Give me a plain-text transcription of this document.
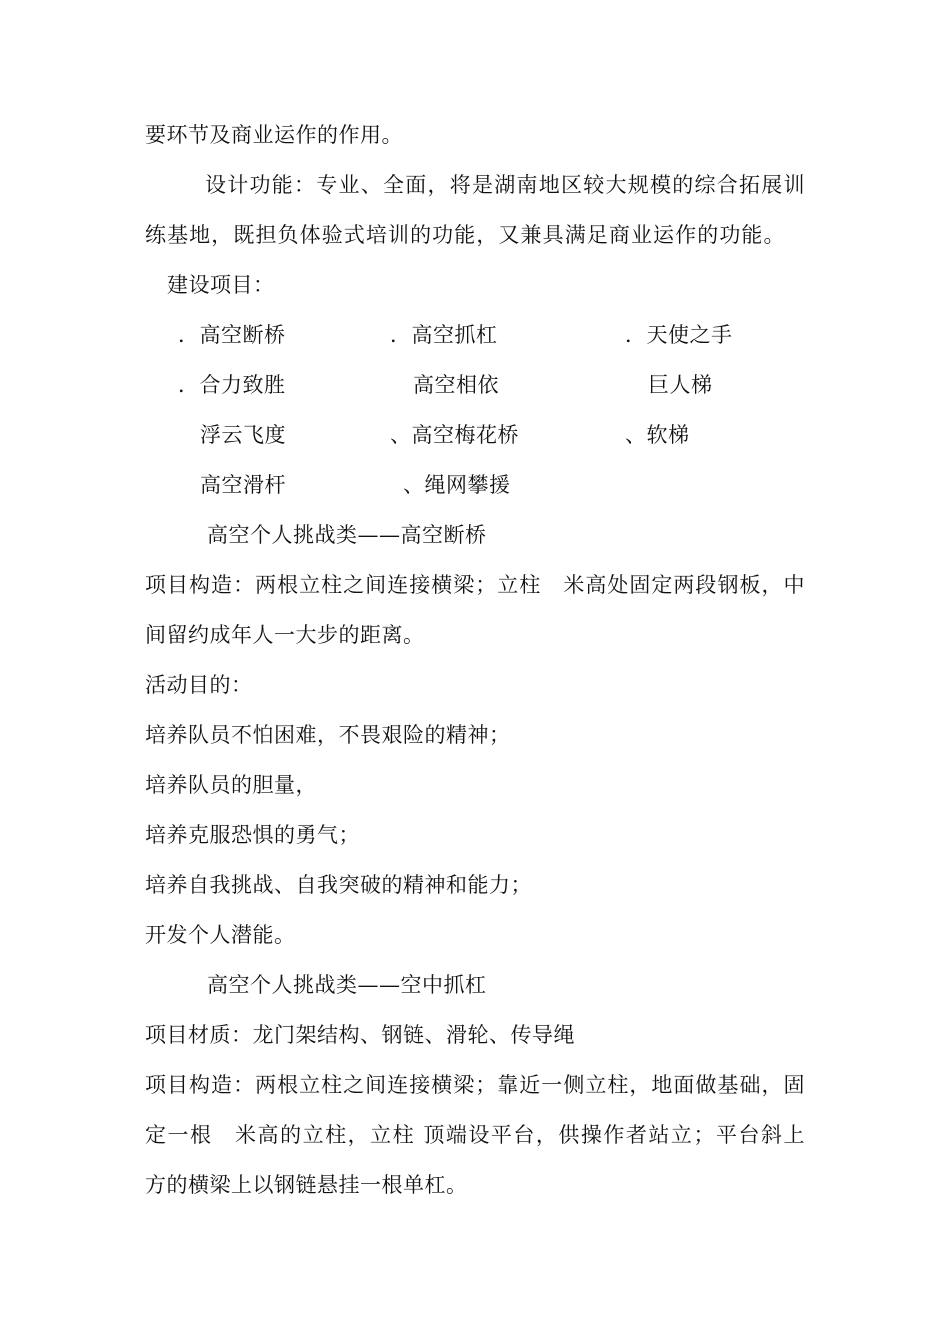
要环节及商业运作的作用。
设计功能：专业、全面，将是湖南地区较大规模的综合拓展训
练基地，既担负体验式培训的功能，又兼具满足商业运作的功能。
建设项目：
．高空断桥	．高空抓杠	．天使之手
．合力致胜	高空相依	巨人梯
浮云飞度	、高空梅花桥	、软梯
高空滑杆	、绳网攀援
高空个人挑战类——高空断桥
项目构造：两根立柱之间连接横梁；立柱　米高处固定两段钢板，中
间留约成年人一大步的距离。
活动目的：
培养队员不怕困难，不畏艰险的精神；
培养队员的胆量，
培养克服恐惧的勇气；
培养自我挑战、自我突破的精神和能力；
开发个人潜能。
高空个人挑战类——空中抓杠
项目材质：龙门架结构、钢链、滑轮、传导绳
项目构造：两根立柱之间连接横梁；靠近一侧立柱，地面做基础，固
定一根　米高的立柱，立柱 顶端设平台，供操作者站立；平台斜上
方的横梁上以钢链悬挂一根单杠。
